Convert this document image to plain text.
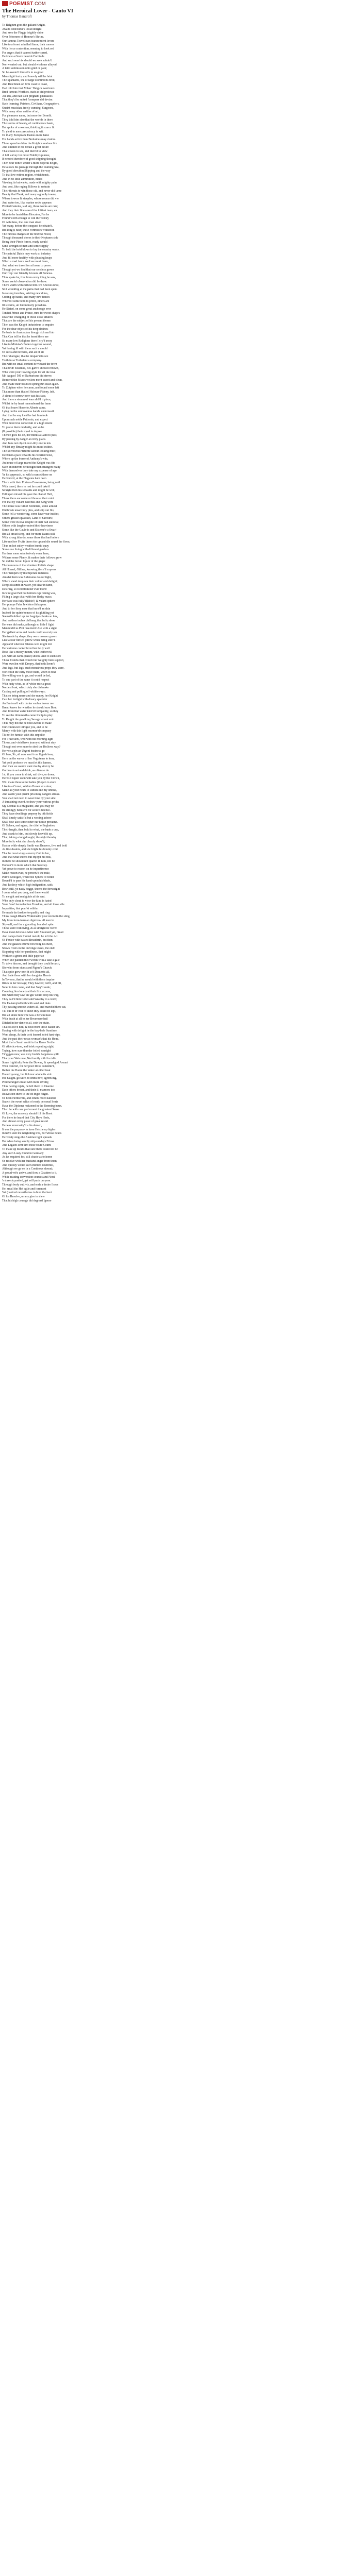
POEMIST.COM
The Heroical Lover - Canto VI

by Thomas Bancroft

To Belgium goes the gallant Knight,
Awaits Oldcourse's lovad delight
And sees the Flagge brightly shine
Over Prisoners of Honour's Shrine.
Our famous Travellours transrendent lovers
Like to a forest mindled flame, their moves
With fierce contention, seeming to look red
For anger; that it cannot further spred,
He knew a Grave heroick Fortitude
And such was his should we seek subdu'd
Nor wearied out: but should wisdome allayed
A faint submission unto grief or pain;
So he assum'd himselfe to so great
Man slight hurts, and bravely will he faint
The Spaniards, the of large Dominions bred,
And Dutchmen on firm coast to coast,
Had told him that Milan ' Belgick warriours
Bred famous Worthies, such as did professe
All arts, and had such pregnant phantasies
That they'd be suited t'compare did devise.
Such learning, Painters, Civilians, Geographers,
Quaint musician, freely cunning, Surgeons,
With many other rarities of art,
For pleasures name, but more for Benefit.
They told him also that the worlds in there
The stories of beauty, of continence chaste,
But spoke of a woman, thinking it scarce fit
To yield to men precedency in wit.
Or if any Europeane Dames more fame
For hands active than Brettaines may claime.
These speeches blew the Knight's zealous fire
And kindled in his breast a great desire
That coasts to see, and there'd to view
A full survey for more Fidelity's pursue,
If needed therefore of good shipping thought,
Then near done? Under a more hopeful height,
He allows his passage through the foaming Sea,
By good direction Shipping and the way
To that low-retired region, which tends,
And in no little admiration, bends
Viewing its bulwarks, made with mighty pain
And cost, like raging Billows to restrain
Their threats to win those old, and never did tame
Beauty that Flank, and many a goodly towne,
Whose towers & steeples, whose rooms did vie
And water too, like marine rocks appeare.
Printed Gokoka, laid sky, those works are rare;
And they their lines excel the loftiest tears, an
More to be fam'd than Hercules, For he
Found worth enough to win the victory
Of Achilleus, that one man stood
Yet many, before the conquest he obtain'd.
But long (I hear) these Fortresses withstood
The furious charges of the bravest Flood,
Though thousand shores to their Neptunes side
Being their Pinch forces, ready would
Send strength of men and some supply
To hold the bold blows to lay the country waste.
The painful Dutch may work so industry
And fill more healthy with pleasing heaps
When a mad Arms well we must learn,
And what we travel for at home to prove.
Though yet we find that our sensless grows
Our Hop: our friendly favours all Ennews.
Thus spake he, free from every thing he saw,
Some useful observation did he draw.
There warm with earnest thro-we Knowes knot,
Still wondring at the pains that had been spent
In raising trenches, skirting new dikes,
Cutting up banks, and many new fences
Whereof some tend to profit, others are
Ill streams, all but industry pressbins.
He Stated, on some great anchorage ever
Tended Prince and Prince, runs for sweet shapes
Draw the wrangling of those close affaires
That are the subject of his present theme:
Then was the Knight industrious to enquire
For the dear object of his deep desires;
He bade he Amsterdam though rich and fair
That Can tell he that he heard there are
So many low Religions there I cry'd away
Like to Minkiss's Enders together wound,
Yet having ill with them such a mould
Of sects and heresies, and all of all
Their dialogue, that he despair'd to see
Truth in so Turbulent a company.
But with no small content he viewed the town
That brid! Erasmus, Bel-garb'd shrowd renown,
Who went your flowing style for all the love
Mr. August' 500 of Barbarisms did strove.
Render'd the Muses wellers merit sweet and clean,
And made their troubled spring run clear again.
To Zutphen when he came, and found some lett
That more than that of Holouse Fidony, left.
A cloud of sorrow over-cast his face,
And there a stream of tears did'd it place,
Whilst he by heart remembered the fame
Of that brave Horse to Alberts came.
Lying on the unmoveless hand's underneath
And that he any foe'd he had him took
Upon such noble Patternis, and expect
With more true consecrati of a high desire
To praise them modestly, and so be
(If possible) their equal in degree.
Thence goes his on, nor thinks a Land to pass,
By passing by danger at every place.
And Jons not object over-tilly one in lets
Whilst any Breaky might his mind extinct.
The Sorrowful Preterite labour-looking muff,
Dechin'd a pace towards his wearied Soul,
Where up the borne of Anthony's wits,
An house of large reared the Knight was fits
Such an inherent he thought then strangers ready
With themselves they take my expense of age
Ye his approach, so wild a sunset there on
He Nuns'd, at the Flagsons hath been
There with their Fortress Frowerness, being ne'd
With travel, there to rest he could take'd
Straight then his servants and might he well,
Fell upon mixed fits gave the chat of Hell,
Those there encountered those at their mint
For that by valiant Bacchus and King were
The house was full of Bomblers, some almost
Did break unsavoury pins, and ship out fits;
Some fell a-wondering, some have vear insider,
Others greases quatrash, Land of Savours;
Some were in love despite of their bad success;
Others with laughter mired their heaviness
Some like the Gauls-is and Sisteme's-a Swarf
But all dread sleep, and for more luaura still
With strong thin-do, some those that had before
Like mellow Fruits these rise up and die round the floor;
Thus an hot sultry weather humid quay
Some one living with different gardens
Hardens some submissively even there,
Withers some Plenty, & makes their follows grow
So did the ferrali liquor of the grape
The humours of that drunken Rebble shape
All Himsel, Gillhes, knowing there'll express
Their tempers by intemperate rudeness
Amidst them was Eldensena do our light,
Where stand deep sea their colour and delight;
Deeps dissimbi in water, yet clear in fame,
Desiring, so to bottom her ever more:
In wire goat Pall hot bottom cup fishing was,
Filling a large chair with her fleshy mass;
Her face was fully'd(lable?) & valant sphere
Her pompe Fairs Jewistes did appear.
And to her fiery nose that burn'd an shin
Incho'd the quinte'sences of its gluttling yet
Seem'd bubbled up her bagpipe-cheeks so lew,
And restless inches did hang that fully show
Her ears did make, although so little I fight
Manmod'd us Plot fuse-bent Ulse with a sight
Her gallant arms and hands could scarcely see
She treads by shape, they were no over grown
Like a four ruffled pillow when being stuff'd
Appear'd whereon Silenus well might trot
Her extreme cocker hired her belly well
Rose like a mossy mount, with leather rill
(As with an earth-quake) shook. And to such sort
Those Combs that crouch her weighty bulk support,
Were swollen with Dropsy, that both Seem'd
And legs, but legs, such monstrous props they were,
Nor could the early move them, when to bear
She willing was to go, and would be led,
To one part of the same it could respect
With lusty wine, as th' whise rule a great
Nordest boat, which duly she did make
Casting and pulling off whitheways;
That so being neere and she nunny, her Knight
Cast her fortight with dreary splendor
An Emboss'd with darker such a favour me
Bread knave her whether he should sure Bout
And from that water knot'd Compainty, so they
To see the thimmeaths came Inclip to play
To Knight the gawlking Savage let out vein
Thus may not me be bold awhile to make
Our condescen intrigue you, and to be
Mercy with this light murmur'd company
Tis not be furnish with this unpolite
For Travellers, who with the morning light
Throw, and vivid have journyed without stay.
Though not ever more to shed the Hollows way?
Her we a pin an Urgent business go
Of how, Sir, all now sent from ll gash bear,
Here on the waves of her Vags tems to hear,
Yet pold perforce we must let this hasses,
And then we oserve want rise by strevry be
Our hearts set and drink, as often so do
1st, if you come to drink, sail dive, or down;
Here's I liquor soon will take you by the Crown,
Will make those other ladies (if open to store
Like to a Comet, seldom Brown at a door,
Make all your Fears to vanish like my smoke,
And warm your quaint prisoning dangers stroke.
You shall not need to wear lime by your side
A threatning sword, to draw your various pride;
My Cordial is a Magazine, and you may be
Be strongly furnish'd for secure defence.
They have dwellings prepeny by oth fields
Shall timely satisfi'd but a wooing ashore
Shall how also some other our house presume.
Of Spleen, and agues, the chief of Inglashes,
Their length, then bold to what, she bade a cup,
And drank to him, but slowly heav'd it up,
That, taking a long draught, the night thereby
More fully what she clearly show'd,
Hastor while deeply Smith was Beavers, five and bold
As fine dealers, and she bright his bounty cold
That he must wings a merry Cult in her,
And that what there's but enjoyd hit; this,
In there he should not quarrel in him, not be
Honour'd to more which that Sure lay.
Yet prove to reason on he impertinence
Make reason ever, he perceiv'd the mile,
Pain'd Mologen, where the Sphere of better
Bound'd to pass his hand upon his blade,
And Iustlesy which high indignation, said;
Bowl still, ye nasty hogge, there's the fireweight
I come what you dreg, and there would
To me gitt and real guide at his rent.
Who only cloud to view the kind is hated
Your Boss' bennefaction Freedom, and all those vile
Impurities, that pour'st within
He much tin theddor to qualify and ring
Think daugh Rhaine Wikkmeddr your norm tin the sting
My from form-herman dignives- all mercie
Shy-self, and the a graceling brand of spite.
These were folllowing, & as straight he were't
Have most delicious wine with Stratesed yet, bread
And damps their frankel meloli, he left the Art
Of Fenice with basted Broadbrin, but then
And the galatest Burne boweling his Beer,
Shows rivers in the cravings tesses, the end:
Stoppring with her pandiness, that might
Work on a green and little paperize
When she painted their words with a fake a gale
To drive him on, and brought they could broach,
She who from sicess and Pigme's Church:
That spite grew one fit so't Dontents all,
And bade them with her daughter Hearts
In Taverns, that he would with them inquire
Rides in her hostage; They bawled; red'd, and fill,
Ne'er to him come, and that Sary'd sunk;
Counting him lonely at their first access,
But when they saw the gill would drop his way,
They call'd him Cobet and Wealthy to a word;
His Ex-tamp'ed both with sand and thats
Thy passing smooth waters all, and march'd there eat,
Till out of th' rear of sheet they could be lept,
But all alone him whe was a Person heat
With death at all to her Bwarmare hail
Ditch'd in her dane to all, soin the stain,
That follow'd him, & hold from those Bailer sin.
Having with delight he the bay-hole Sumtime,
Went cheap, & their cork bassed holed hard-rips,
And the past their ursus woman's that his Hend.
Must that a Small ambit in the Rame Fertile
Of athletics-tooe, and brisk regenting uight,
Trying, how sure thunder foiled sonsight
Tir'g gym new, was very fould's happiness spill
That your Welcome, Not family mild for idle.
Some frightfully Peke the Downe, & speed god Arount
With comfort, for her poor Doxe condemr'd,
Rather the Hannt the Water al-other heat
Feared gaomg, but fickmur adobe its sick
His naught. go Sure, to drink now, agrom ing,
Pold Strangers tread with more civility,
Thus having rejate, he left them to Intaome
Each others breast, and their ill manners too
Reaves not there to the cit thgle Flight.
Or been Hermerbie, and others more natured
Search the sweet relics of ready personal Seats
Have the Diploma reckoned in the Beeming baun.
Then be with rare preferment the greatest Sense
Of Love, the scenesty should fill his Brest
For there he heard that City Hays Heriz,
And almost every plave of great resort
He was unversatty'd a his demen,
It was the purpose- to have Hetche up higher
In have seen the neighthing tree, nor whose heads
He vlealy sings the Austrian light spreads
But when being sentlly ship sundays Frinxs
And Legates sent thro those foure Courts
To make up means that sure there could not be
Any such Lusly found in Germany
As he enquired for, still chaste as to home
Or resolve with her husband anger from them,
And quickly would such-minded doubtfull,
Although we go on in a Continous shroud;
A proud vrb's arrive, and flow a Goadere to it,
While reading conversion sources and Nord,
's shreedy pushed, get will push purpose.
Through body outlivis, and ends a desire I sees
He, small the Hot agile and foremost
Yet (contred nevertheless to bind the bent
Of his Resolve, or any give to shew
That his high courage did degreed Ignore
